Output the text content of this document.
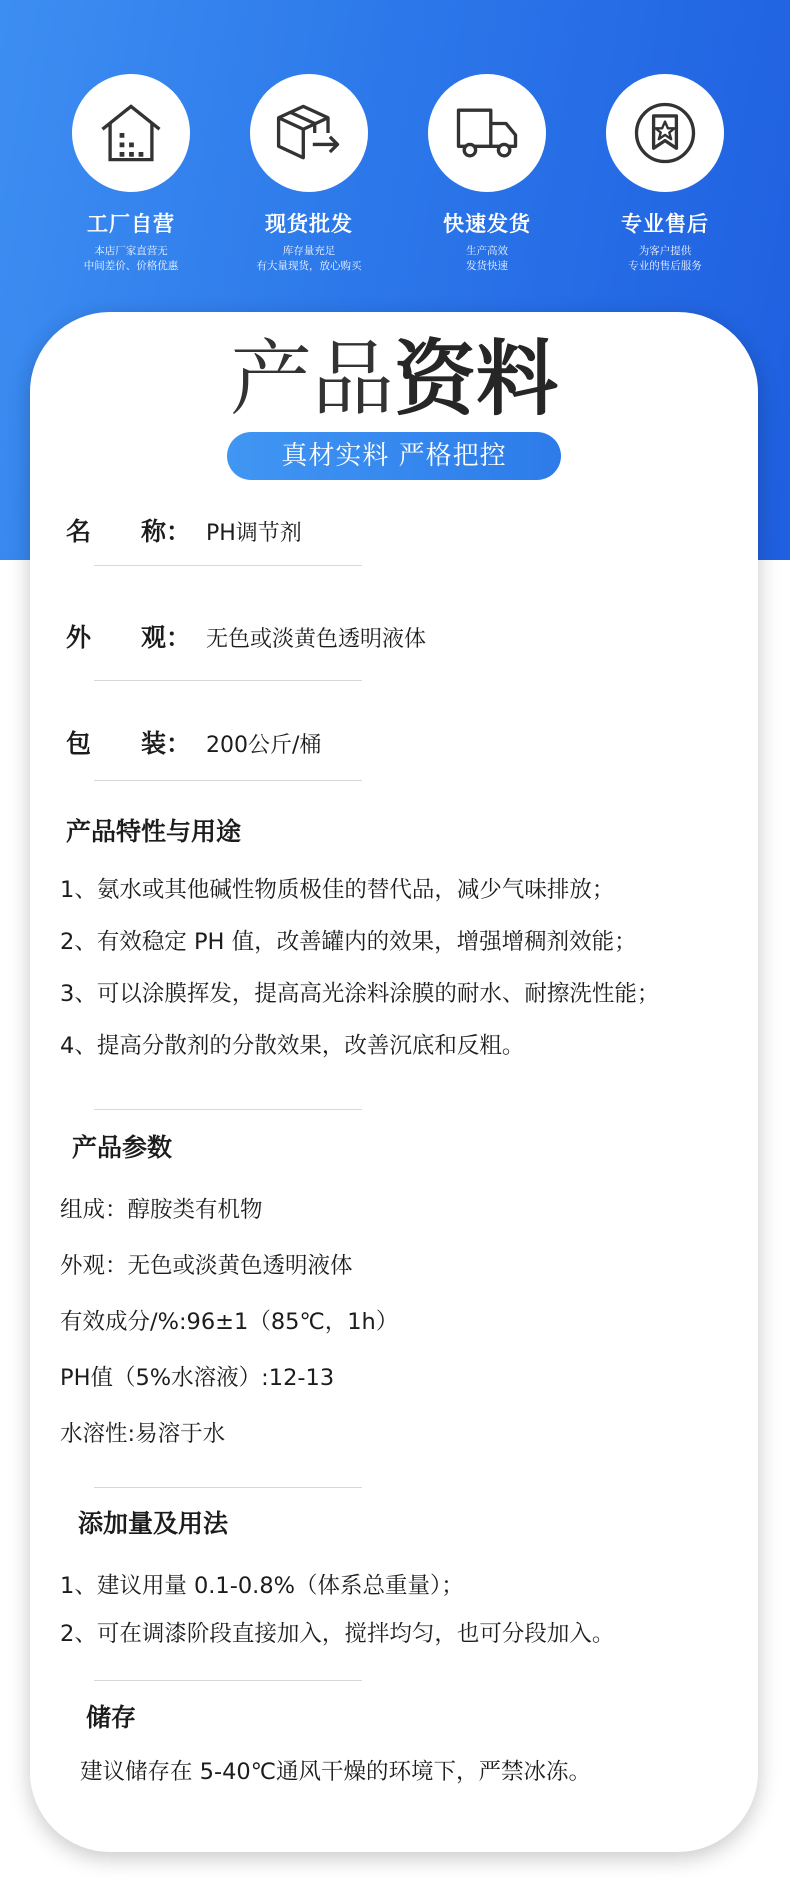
工厂自营
本店厂家直营无
中间差价、价格优惠
现货批发
库存量充足
有大量现货，放心购买
快速发货
生产高效
发货快速
专业售后
为客户提供
专业的售后服务
产品资料
真材实料 严格把控
名　　称： PH调节剂
外　　观： 无色或淡黄色透明液体
包　　装： 200公斤/桶
产品特性与用途
1、氨水或其他碱性物质极佳的替代品，减少气味排放；
2、有效稳定 PH 值，改善罐内的效果，增强增稠剂效能；
3、可以涂膜挥发，提高高光涂料涂膜的耐水、耐擦洗性能；
4、提高分散剂的分散效果，改善沉底和反粗。
产品参数
组成：醇胺类有机物
外观：无色或淡黄色透明液体
有效成分/%:96±1（85℃，1h）
PH值（5%水溶液）:12-13
水溶性:易溶于水
添加量及用法
1、建议用量 0.1-0.8%（体系总重量）；
2、可在调漆阶段直接加入，搅拌均匀，也可分段加入。
储存
建议储存在 5-40℃通风干燥的环境下，严禁冰冻。
